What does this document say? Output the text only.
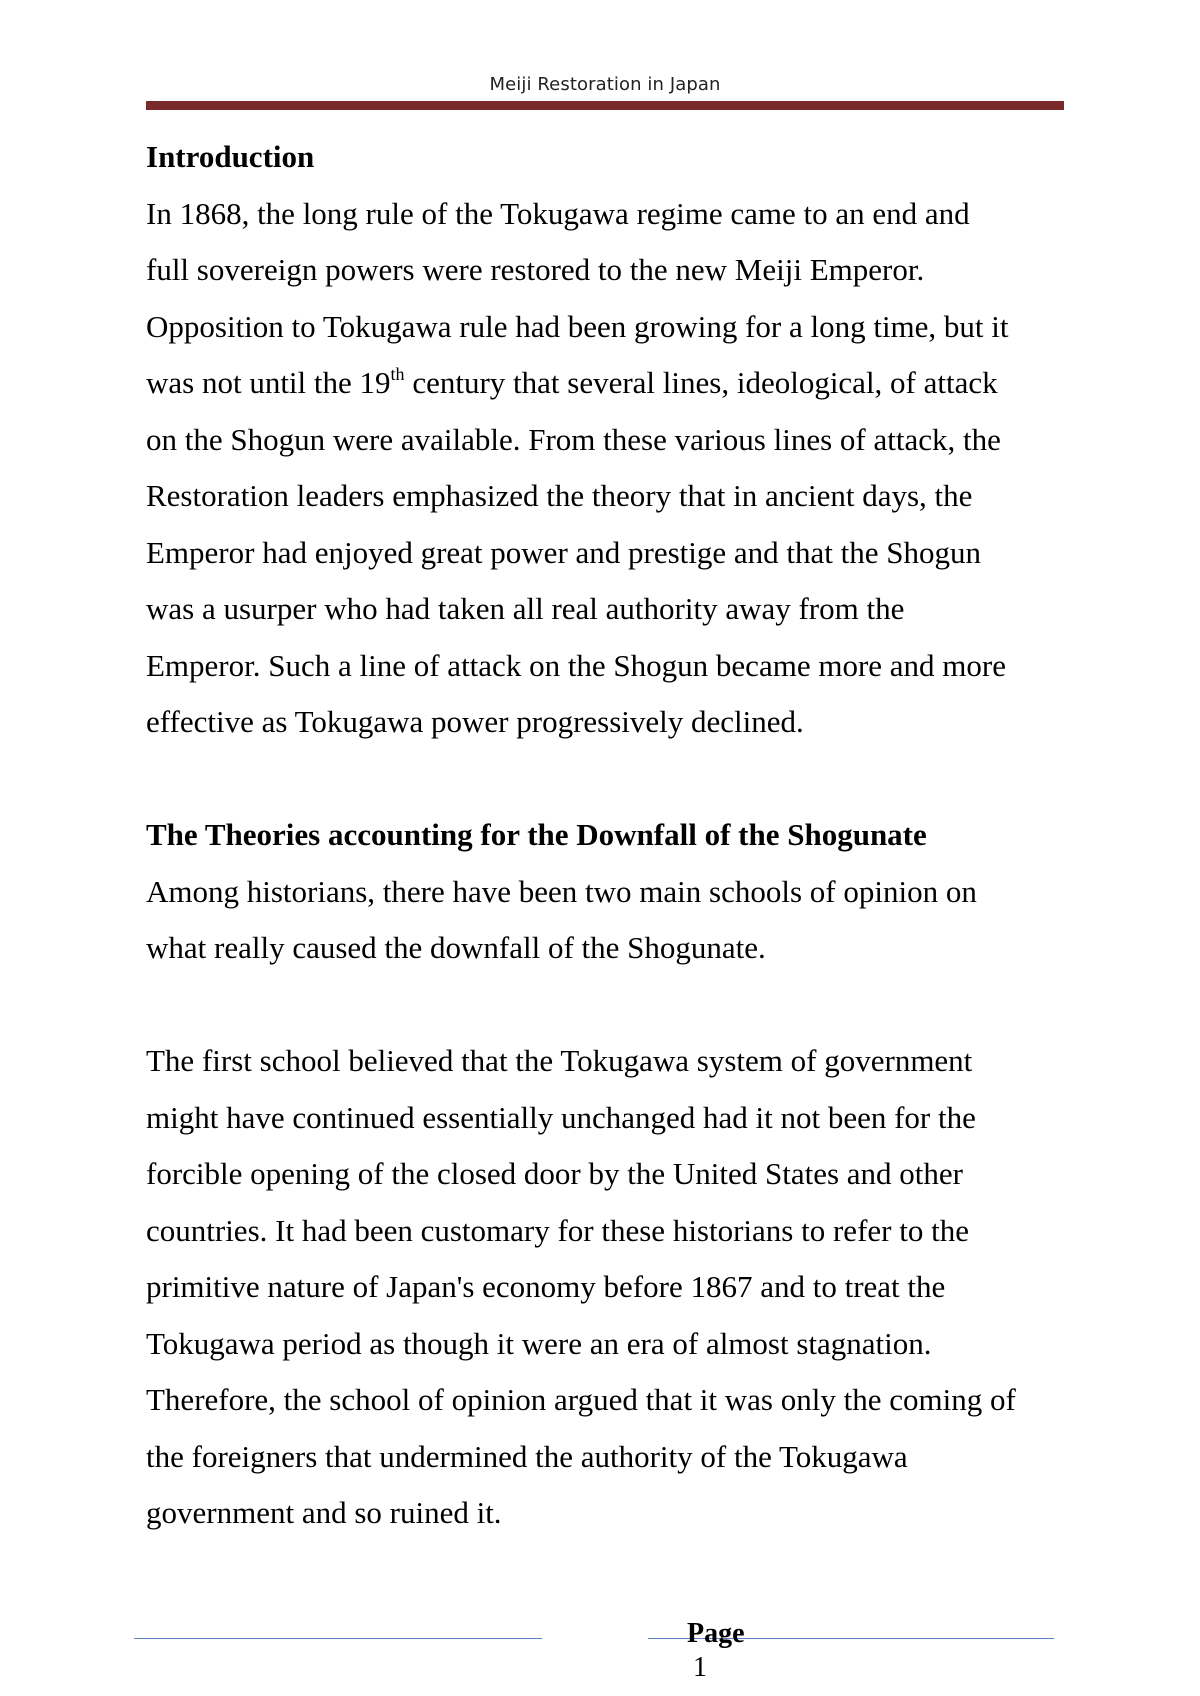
Meiji Restoration in Japan
Introduction
In 1868, the long rule of the Tokugawa regime came to an end and
full sovereign powers were restored to the new Meiji Emperor.
Opposition to Tokugawa rule had been growing for a long time, but it
was not until the 19th century that several lines, ideological, of attack
on the Shogun were available. From these various lines of attack, the
Restoration leaders emphasized the theory that in ancient days, the
Emperor had enjoyed great power and prestige and that the Shogun
was a usurper who had taken all real authority away from the
Emperor. Such a line of attack on the Shogun became more and more
effective as Tokugawa power progressively declined.
The Theories accounting for the Downfall of the Shogunate
Among historians, there have been two main schools of opinion on
what really caused the downfall of the Shogunate.
The first school believed that the Tokugawa system of government
might have continued essentially unchanged had it not been for the
forcible opening of the closed door by the United States and other
countries. It had been customary for these historians to refer to the
primitive nature of Japan's economy before 1867 and to treat the
Tokugawa period as though it were an era of almost stagnation.
Therefore, the school of opinion argued that it was only the coming of
the foreigners that undermined the authority of the Tokugawa
government and so ruined it.
Page
1
